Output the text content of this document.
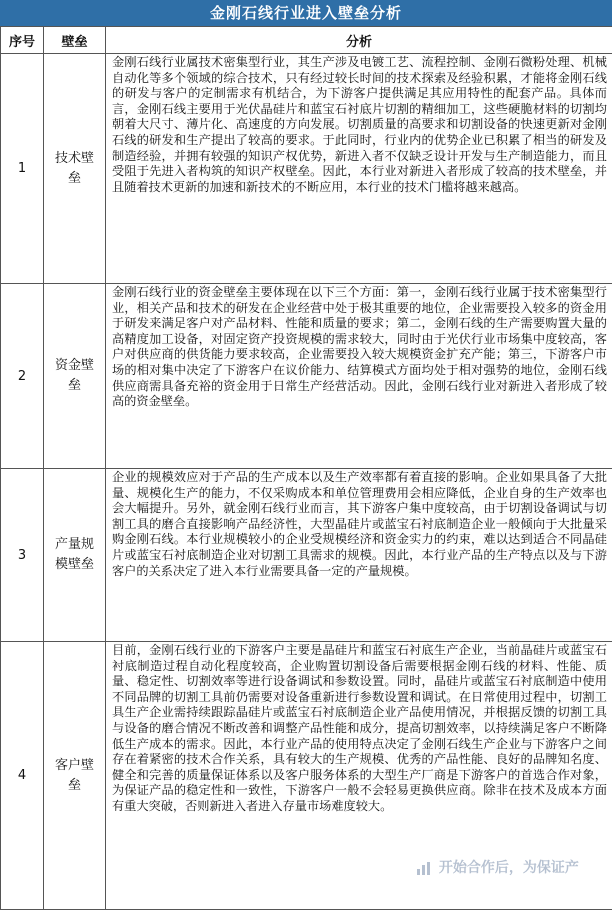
金刚石线行业进入壁垒分析
序号	壁垒	分析
1	技术壁垒	金刚石线行业属技术密集型行业，其生产涉及电镀工艺、流程控制、金刚石微粉处理、机械自动化等多个领域的综合技术，只有经过较长时间的技术探索及经验积累，才能将金刚石线的研发与客户的定制需求有机结合，为下游客户提供满足其应用特性的配套产品。具体而言，金刚石线主要用于光伏晶硅片和蓝宝石衬底片切割的精细加工，这些硬脆材料的切割均朝着大尺寸、薄片化、高速度的方向发展。切割质量的高要求和切割设备的快速更新对金刚石线的研发和生产提出了较高的要求。于此同时，行业内的优势企业已积累了相当的研发及制造经验，并拥有较强的知识产权优势，新进入者不仅缺乏设计开发与生产制造能力，而且受阻于先进入者构筑的知识产权壁垒。因此，本行业对新进入者形成了较高的技术壁垒，并且随着技术更新的加速和新技术的不断应用，本行业的技术门槛将越来越高。
2	资金壁垒	金刚石线行业的资金壁垒主要体现在以下三个方面：第一，金刚石线行业属于技术密集型行业，相关产品和技术的研发在企业经营中处于极其重要的地位，企业需要投入较多的资金用于研发来满足客户对产品材料、性能和质量的要求；第二，金刚石线的生产需要购置大量的高精度加工设备，对固定资产投资规模的需求较大，同时由于光伏行业市场集中度较高，客户对供应商的供货能力要求较高，企业需要投入较大规模资金扩充产能；第三，下游客户市场的相对集中决定了下游客户在议价能力、结算模式方面均处于相对强势的地位，金刚石线供应商需具备充裕的资金用于日常生产经营活动。因此，金刚石线行业对新进入者形成了较高的资金壁垒。
3	产量规模壁垒	企业的规模效应对于产品的生产成本以及生产效率都有着直接的影响。企业如果具备了大批量、规模化生产的能力，不仅采购成本和单位管理费用会相应降低，企业自身的生产效率也会大幅提升。另外，就金刚石线行业而言，其下游客户集中度较高，由于切割设备调试与切割工具的磨合直接影响产品经济性，大型晶硅片或蓝宝石衬底制造企业一般倾向于大批量采购金刚石线。本行业规模较小的企业受规模经济和资金实力的约束，难以达到适合不同晶硅片或蓝宝石衬底制造企业对切割工具需求的规模。因此，本行业产品的生产特点以及与下游客户的关系决定了进入本行业需要具备一定的产量规模。
4	客户壁垒	目前，金刚石线行业的下游客户主要是晶硅片和蓝宝石衬底生产企业，当前晶硅片或蓝宝石衬底制造过程自动化程度较高，企业购置切割设备后需要根据金刚石线的材料、性能、质量、稳定性、切割效率等进行设备调试和参数设置。同时，晶硅片或蓝宝石衬底制造中使用不同品牌的切割工具前仍需要对设备重新进行参数设置和调试。在日常使用过程中，切割工具生产企业需持续跟踪晶硅片或蓝宝石衬底制造企业产品使用情况，并根据反馈的切割工具与设备的磨合情况不断改善和调整产品性能和成分，提高切割效率，以持续满足客户不断降低生产成本的需求。因此，本行业产品的使用特点决定了金刚石线生产企业与下游客户之间存在着紧密的技术合作关系，具有较大的生产规模、优秀的产品性能、良好的品牌知名度、健全和完善的质量保证体系以及客户服务体系的大型生产厂商是下游客户的首选合作对象，为保证产品的稳定性和一致性，下游客户一般不会轻易更换供应商。除非在技术及成本方面有重大突破，否则新进入者进入存量市场难度较大。
开始合作后，为保证产
